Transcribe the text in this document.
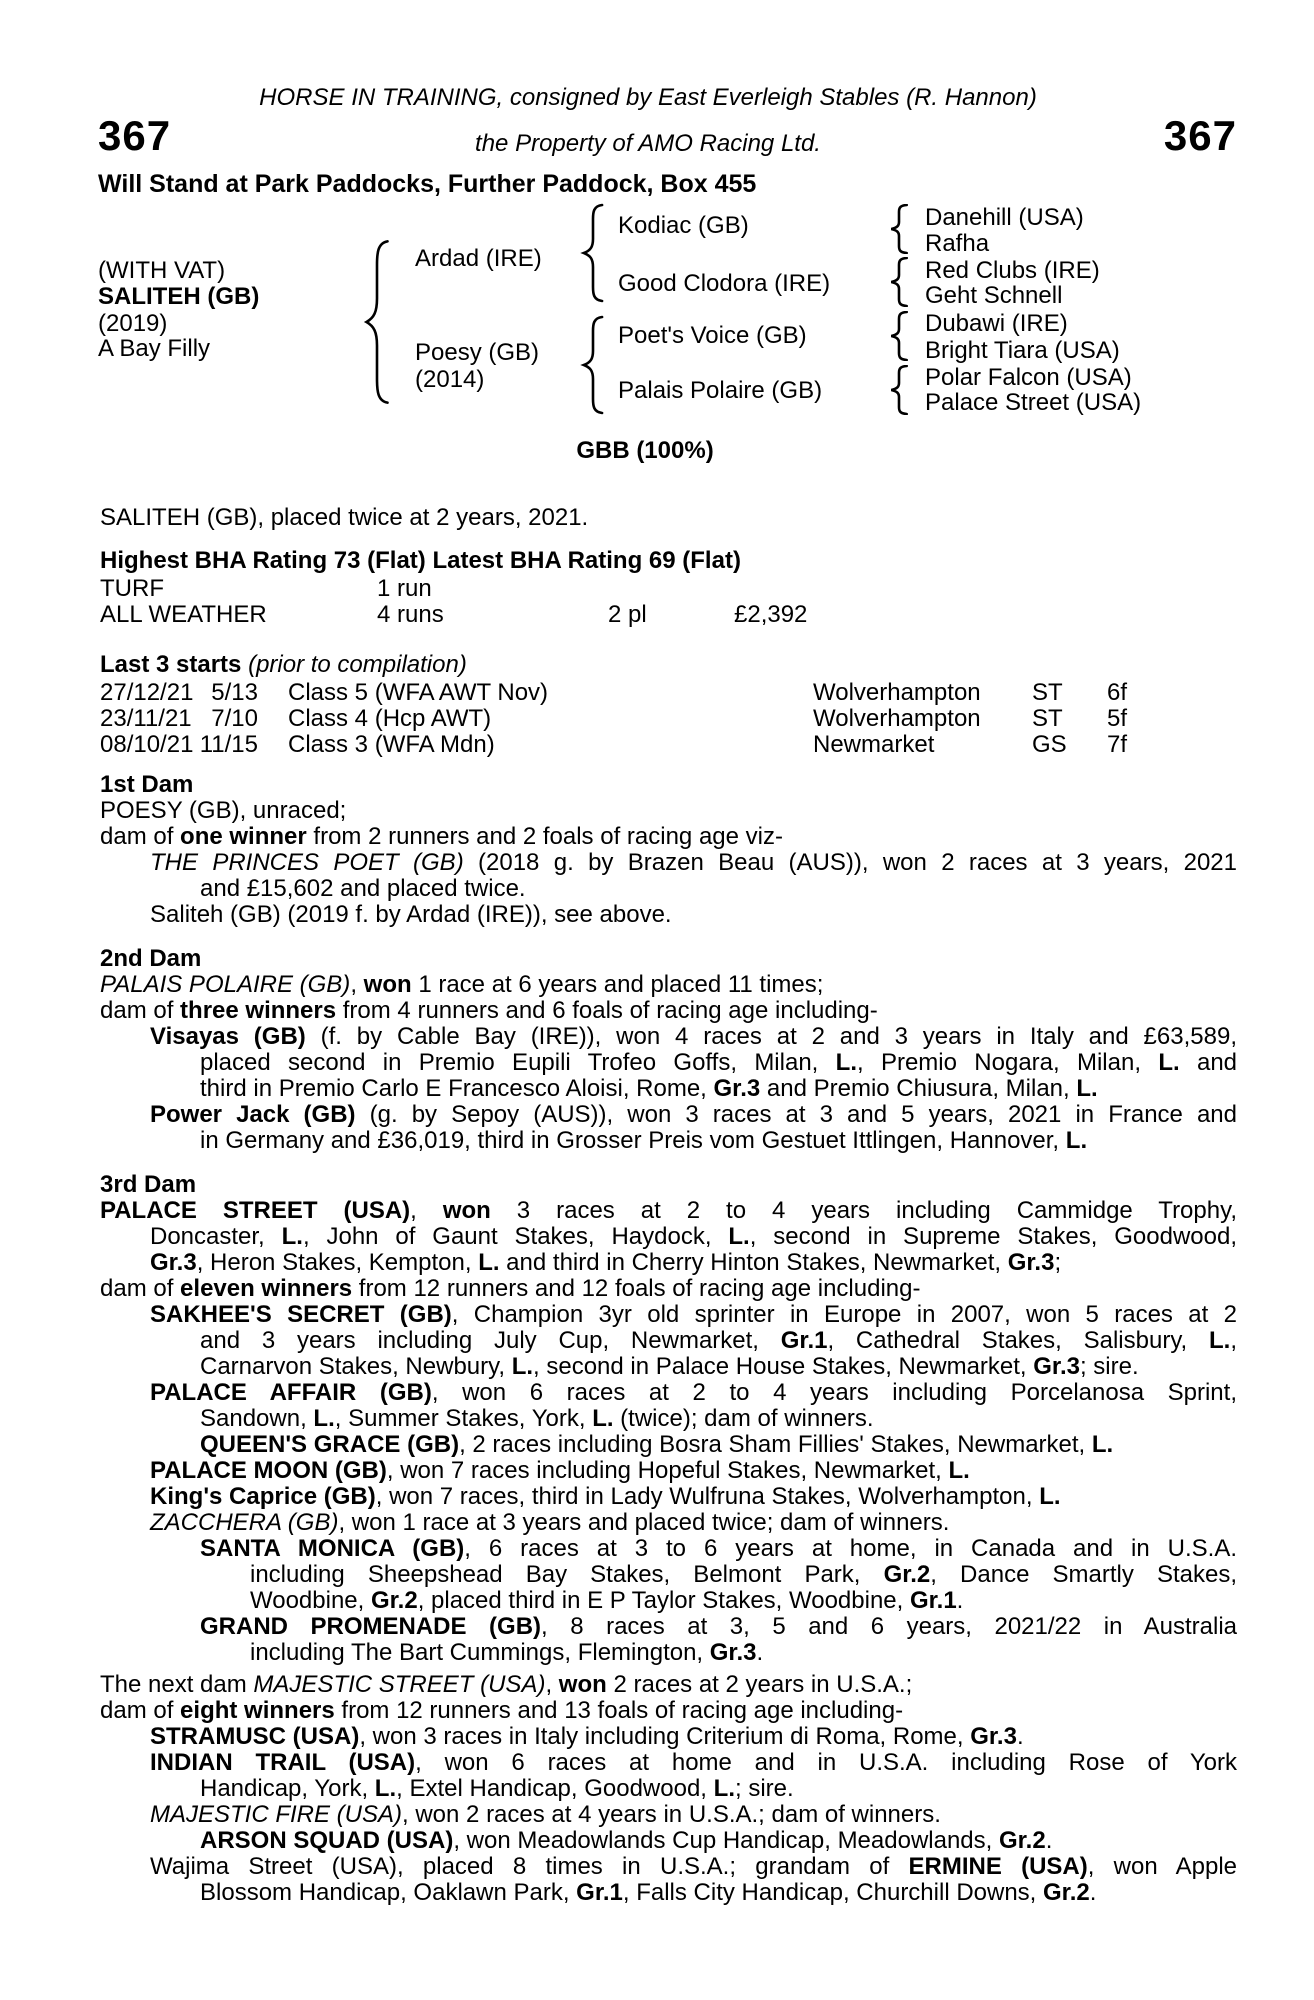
HORSE IN TRAINING, consigned by East Everleigh Stables (R. Hannon)
367	367
the Property of AMO Racing Ltd.
Will Stand at Park Paddocks, Further Paddock, Box 455
(WITH VAT)
SALITEH (GB)
(2019)
A Bay Filly
Ardad (IRE)
Poesy (GB)
(2014)
Kodiac (GB)
Good Clodora (IRE)
Poet's Voice (GB)
Palais Polaire (GB)
Danehill (USA)
Rafha
Red Clubs (IRE)
Geht Schnell
Dubawi (IRE)
Bright Tiara (USA)
Polar Falcon (USA)
Palace Street (USA)
GBB (100%)
SALITEH (GB), placed twice at 2 years, 2021.
Highest BHA Rating 73 (Flat) Latest BHA Rating 69 (Flat)
TURF	1 run
ALL WEATHER	4 runs	2 pl	£2,392
Last 3 starts (prior to compilation)
27/12/21 5/13 Class 5 (WFA AWT Nov)	Wolverhampton ST 6f
23/11/21 7/10 Class 4 (Hcp AWT)	Wolverhampton ST 5f
08/10/21 11/15 Class 3 (WFA Mdn)	Newmarket	GS 7f
1st Dam
POESY (GB), unraced;
dam of one winner from 2 runners and 2 foals of racing age viz-
THE PRINCES POET (GB) (2018 g. by Brazen Beau (AUS)), won 2 races at 3 years, 2021
and £15,602 and placed twice.
Saliteh (GB) (2019 f. by Ardad (IRE)), see above.
2nd Dam
PALAIS POLAIRE (GB), won 1 race at 6 years and placed 11 times;
dam of three winners from 4 runners and 6 foals of racing age including-
Visayas (GB) (f. by Cable Bay (IRE)), won 4 races at 2 and 3 years in Italy and £63,589,
placed second in Premio Eupili Trofeo Goffs, Milan, L., Premio Nogara, Milan, L. and
third in Premio Carlo E Francesco Aloisi, Rome, Gr.3 and Premio Chiusura, Milan, L.
Power Jack (GB) (g. by Sepoy (AUS)), won 3 races at 3 and 5 years, 2021 in France and
in Germany and £36,019, third in Grosser Preis vom Gestuet Ittlingen, Hannover, L.
3rd Dam
PALACE STREET (USA), won 3 races at 2 to 4 years including Cammidge Trophy,
Doncaster, L., John of Gaunt Stakes, Haydock, L., second in Supreme Stakes, Goodwood,
Gr.3, Heron Stakes, Kempton, L. and third in Cherry Hinton Stakes, Newmarket, Gr.3;
dam of eleven winners from 12 runners and 12 foals of racing age including-
SAKHEE'S SECRET (GB), Champion 3yr old sprinter in Europe in 2007, won 5 races at 2
and 3 years including July Cup, Newmarket, Gr.1, Cathedral Stakes, Salisbury, L.,
Carnarvon Stakes, Newbury, L., second in Palace House Stakes, Newmarket, Gr.3; sire.
PALACE AFFAIR (GB), won 6 races at 2 to 4 years including Porcelanosa Sprint,
Sandown, L., Summer Stakes, York, L. (twice); dam of winners.
QUEEN'S GRACE (GB), 2 races including Bosra Sham Fillies' Stakes, Newmarket, L.
PALACE MOON (GB), won 7 races including Hopeful Stakes, Newmarket, L.
King's Caprice (GB), won 7 races, third in Lady Wulfruna Stakes, Wolverhampton, L.
ZACCHERA (GB), won 1 race at 3 years and placed twice; dam of winners.
SANTA MONICA (GB), 6 races at 3 to 6 years at home, in Canada and in U.S.A.
including Sheepshead Bay Stakes, Belmont Park, Gr.2, Dance Smartly Stakes,
Woodbine, Gr.2, placed third in E P Taylor Stakes, Woodbine, Gr.1.
GRAND PROMENADE (GB), 8 races at 3, 5 and 6 years, 2021/22 in Australia
including The Bart Cummings, Flemington, Gr.3.
The next dam MAJESTIC STREET (USA), won 2 races at 2 years in U.S.A.;
dam of eight winners from 12 runners and 13 foals of racing age including-
STRAMUSC (USA), won 3 races in Italy including Criterium di Roma, Rome, Gr.3.
INDIAN TRAIL (USA), won 6 races at home and in U.S.A. including Rose of York
Handicap, York, L., Extel Handicap, Goodwood, L.; sire.
MAJESTIC FIRE (USA), won 2 races at 4 years in U.S.A.; dam of winners.
ARSON SQUAD (USA), won Meadowlands Cup Handicap, Meadowlands, Gr.2.
Wajima Street (USA), placed 8 times in U.S.A.; grandam of ERMINE (USA), won Apple
Blossom Handicap, Oaklawn Park, Gr.1, Falls City Handicap, Churchill Downs, Gr.2.
